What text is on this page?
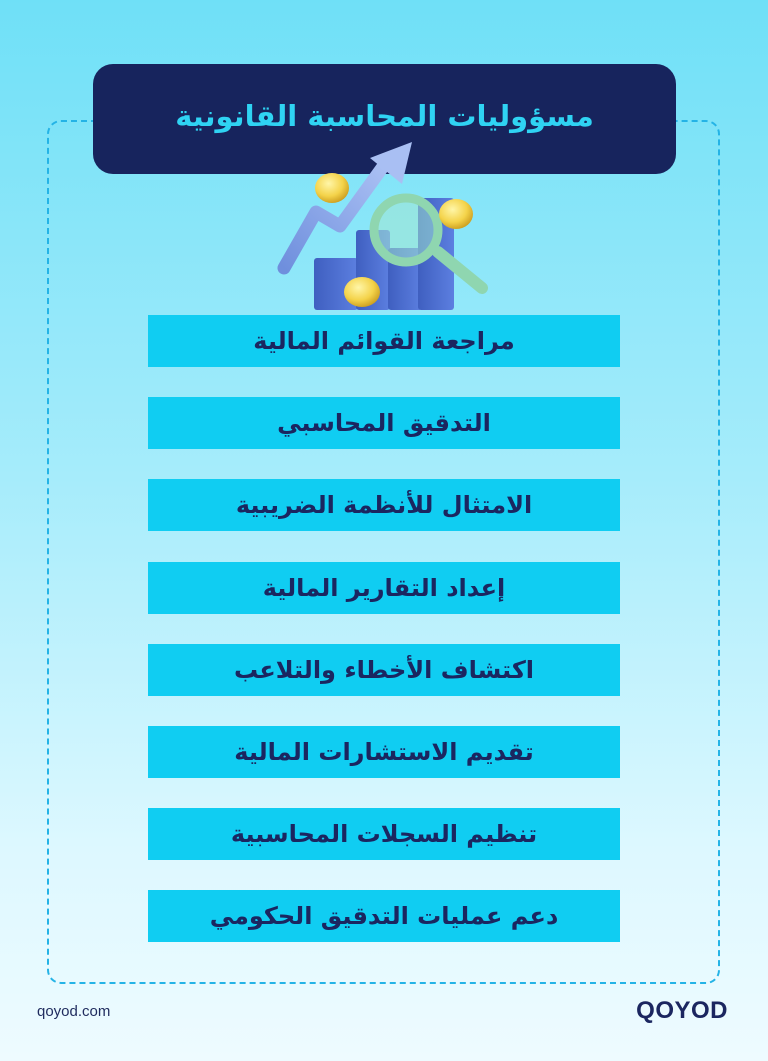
مسؤوليات المحاسبة القانونية
مراجعة القوائم المالية
التدقيق المحاسبي
الامتثال للأنظمة الضريبية
إعداد التقارير المالية
اكتشاف الأخطاء والتلاعب
تقديم الاستشارات المالية
تنظيم السجلات المحاسبية
دعم عمليات التدقيق الحكومي
qoyod.com	QOYOD
